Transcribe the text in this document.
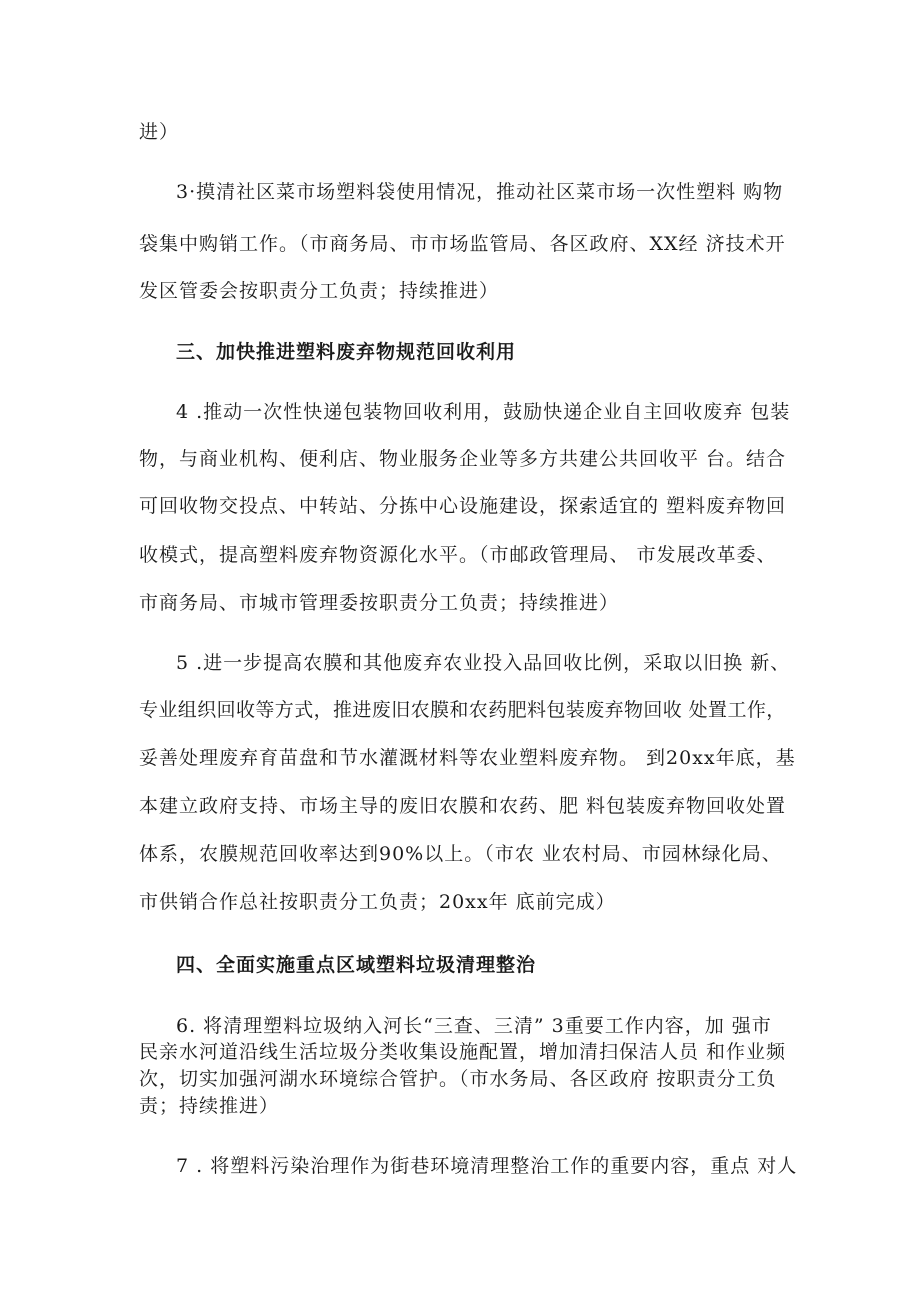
进）
3·摸清社区菜市场塑料袋使用情况，推动社区菜市场一次性塑料 购物
袋集中购销工作。（市商务局、市市场监管局、各区政府、XX经 济技术开
发区管委会按职责分工负责；持续推进）
三、加快推进塑料废弃物规范回收利用
4 .推动一次性快递包装物回收利用，鼓励快递企业自主回收废弃 包装
物，与商业机构、便利店、物业服务企业等多方共建公共回收平 台。结合
可回收物交投点、中转站、分拣中心设施建设，探索适宜的 塑料废弃物回
收模式，提高塑料废弃物资源化水平。（市邮政管理局、 市发展改革委、
市商务局、市城市管理委按职责分工负责；持续推进）
5 .进一步提高农膜和其他废弃农业投入品回收比例，采取以旧换 新、
专业组织回收等方式，推进废旧农膜和农药肥料包装废弃物回收 处置工作，
妥善处理废弃育苗盘和节水灌溉材料等农业塑料废弃物。 到20xx年底，基
本建立政府支持、市场主导的废旧农膜和农药、肥 料包装废弃物回收处置
体系，农膜规范回收率达到90%以上。（市农 业农村局、市园林绿化局、
市供销合作总社按职责分工负责；20xx年 底前完成）
四、全面实施重点区域塑料垃圾清理整治
6. 将清理塑料垃圾纳入河长“三查、三清” 3重要工作内容，加 强市
民亲水河道沿线生活垃圾分类收集设施配置，增加清扫保洁人员 和作业频
次，切实加强河湖水环境综合管护。（市水务局、各区政府 按职责分工负
责；持续推进）
7 . 将塑料污染治理作为街巷环境清理整治工作的重要内容，重点 对人
